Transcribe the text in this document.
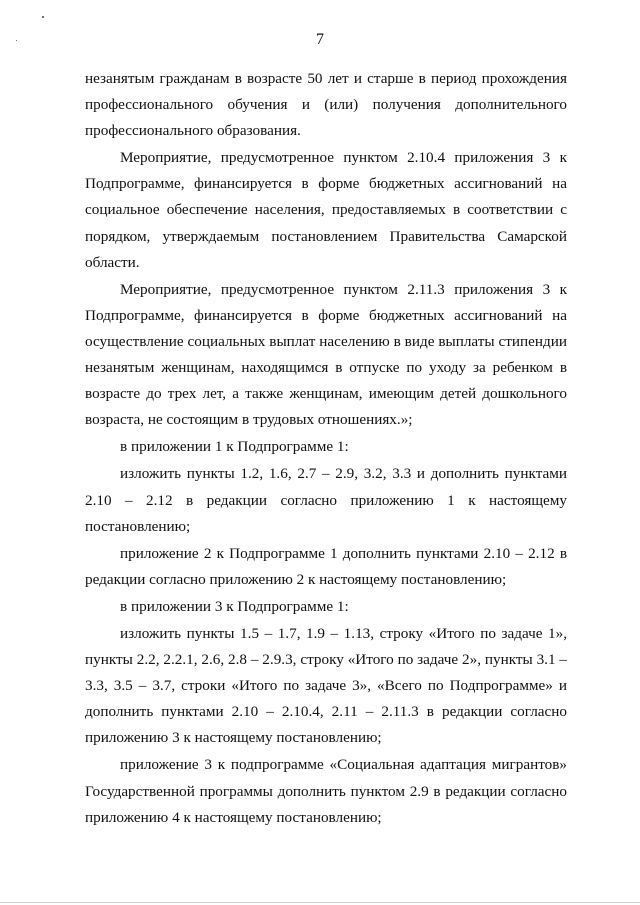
7

незанятым гражданам в возрасте 50 лет и старше в период прохождения профессионального обучения и (или) получения дополнительного профессионального образования.

Мероприятие, предусмотренное пунктом 2.10.4 приложения 3 к Подпрограмме, финансируется в форме бюджетных ассигнований на социальное обеспечение населения, предоставляемых в соответствии с порядком, утверждаемым постановлением Правительства Самарской области.

Мероприятие, предусмотренное пунктом 2.11.3 приложения 3 к Подпрограмме, финансируется в форме бюджетных ассигнований на осуществление социальных выплат населению в виде выплаты стипендии незанятым женщинам, находящимся в отпуске по уходу за ребенком в возрасте до трех лет, а также женщинам, имеющим детей дошкольного возраста, не состоящим в трудовых отношениях.»;

в приложении 1 к Подпрограмме 1:

изложить пункты 1.2, 1.6, 2.7 – 2.9, 3.2, 3.3 и дополнить пунктами 2.10 – 2.12 в редакции согласно приложению 1 к настоящему постановлению;

приложение 2 к Подпрограмме 1 дополнить пунктами 2.10 – 2.12 в редакции согласно приложению 2 к настоящему постановлению;

в приложении 3 к Подпрограмме 1:

изложить пункты 1.5 – 1.7, 1.9 – 1.13, строку «Итого по задаче 1», пункты 2.2, 2.2.1, 2.6, 2.8 – 2.9.3, строку «Итого по задаче 2», пункты 3.1 – 3.3, 3.5 – 3.7, строки «Итого по задаче 3», «Всего по Подпрограмме» и дополнить пунктами 2.10 – 2.10.4, 2.11 – 2.11.3 в редакции согласно приложению 3 к настоящему постановлению;

приложение 3 к подпрограмме «Социальная адаптация мигрантов» Государственной программы дополнить пунктом 2.9 в редакции согласно приложению 4 к настоящему постановлению;
